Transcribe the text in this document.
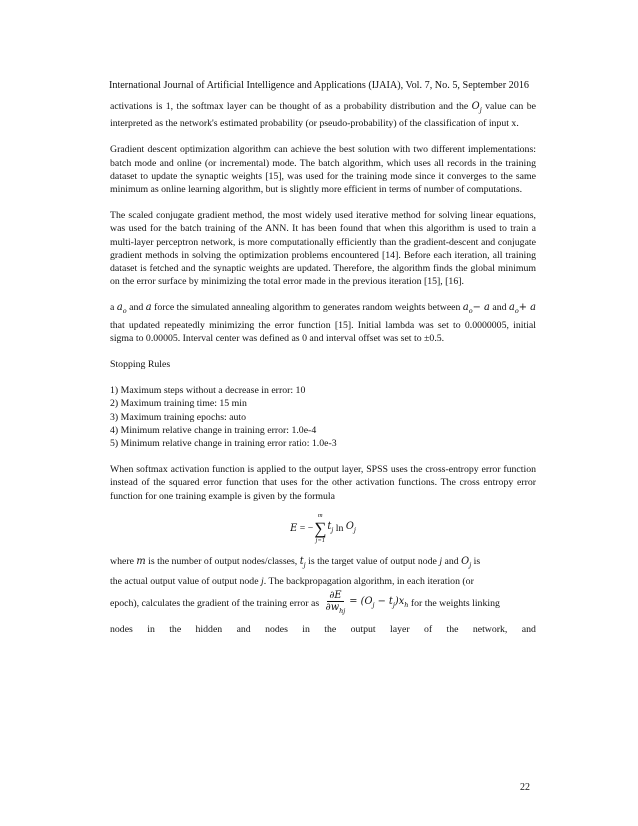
International Journal of Artificial Intelligence and Applications (IJAIA), Vol. 7, No. 5, September 2016

activations is 1, the softmax layer can be thought of as a probability distribution and the $O_j$ value can be interpreted as the network's estimated probability (or pseudo-probability) of the classification of input x.

Gradient descent optimization algorithm can achieve the best solution with two different implementations: batch mode and online (or incremental) mode. The batch algorithm, which uses all records in the training dataset to update the synaptic weights [15], was used for the training mode since it converges to the same minimum as online learning algorithm, but is slightly more efficient in terms of number of computations.

The scaled conjugate gradient method, the most widely used iterative method for solving linear equations, was used for the batch training of the ANN. It has been found that when this algorithm is used to train a multi-layer perceptron network, is more computationally efficiently than the gradient-descent and conjugate gradient methods in solving the optimization problems encountered [14]. Before each iteration, all training dataset is fetched and the synaptic weights are updated. Therefore, the algorithm finds the global minimum on the error surface by minimizing the total error made in the previous iteration [15], [16].

a $a_o$ and a force the simulated annealing algorithm to generates random weights between $a_o- a$ and $a_o+ a$ that updated repeatedly minimizing the error function [15]. Initial lambda was set to 0.0000005, initial sigma to 0.00005. Interval center was defined as 0 and interval offset was set to ±0.5.

Stopping Rules

1) Maximum steps without a decrease in error: 10
2) Maximum training time: 15 min
3) Maximum training epochs: auto
4) Minimum relative change in training error: 1.0e-4
5) Minimum relative change in training error ratio: 1.0e-3

When softmax activation function is applied to the output layer, SPSS uses the cross-entropy error function instead of the squared error function that uses for the other activation functions. The cross entropy error function for one training example is given by the formula

E
= −
m
∑
j=1
$t_j$
ln
$O_j$
where m is the number of output nodes/classes, $t_j$ is the target value of output node j and $O_j$ is
the actual output value of output node j. The backpropagation algorithm, in each iteration (or
epoch), calculates the gradient of the training error as
$\frac{\partial E}{\partial w_{hj}} = (O_j - t_j)x_h$
for the weights linking
nodes in the hidden and nodes in the output layer of the network, and
22
